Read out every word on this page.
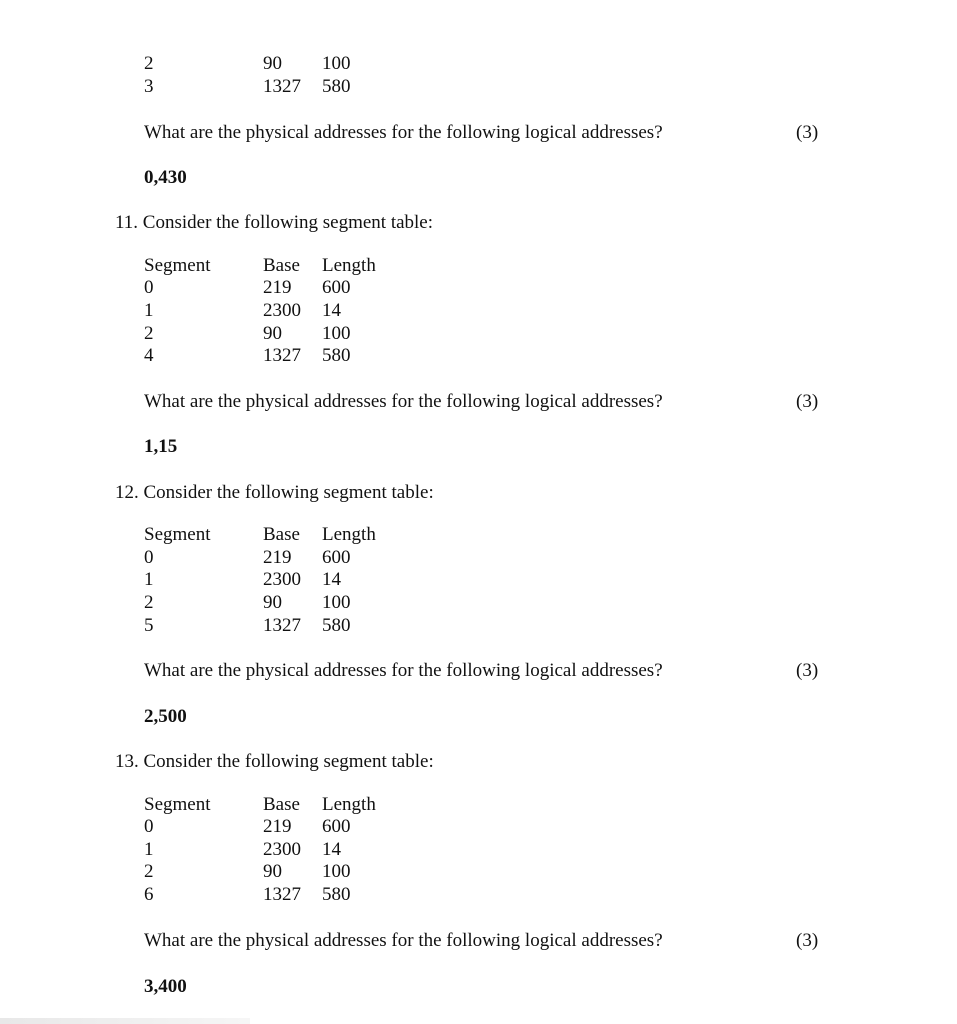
2	90 100
3	1327 580
What are the physical addresses for the following logical addresses?	(3)
0,430
11. Consider the following segment table:
Segment	Base Length
0	219 600
1	2300 14
2	90 100
4	1327 580
What are the physical addresses for the following logical addresses?	(3)
1,15
12. Consider the following segment table:
Segment	Base Length
0	219 600
1	2300 14
2	90 100
5	1327 580
What are the physical addresses for the following logical addresses?	(3)
2,500
13. Consider the following segment table:
Segment	Base Length
0	219 600
1	2300 14
2	90 100
6	1327 580
What are the physical addresses for the following logical addresses?	(3)
3,400
